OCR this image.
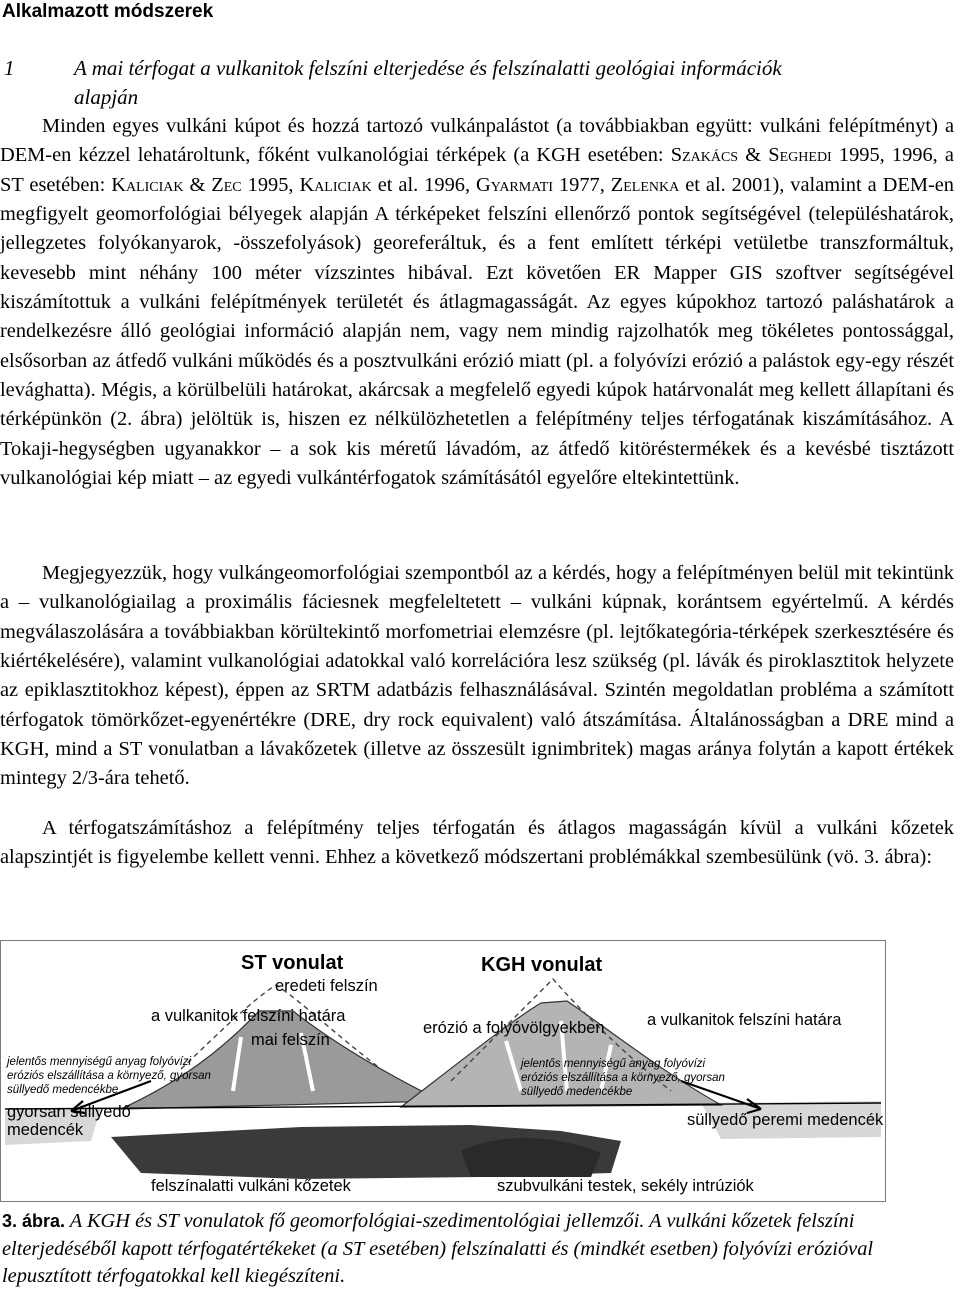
Alkalmazott módszerek
1	A mai térfogat a vulkanitok felszíni elterjedése és felszínalatti geológiai információk
alapján

Minden egyes vulkáni kúpot és hozzá tartozó vulkánpalástot (a továbbiakban együtt: vulkáni felépítményt) a DEM-en kézzel lehatároltunk, főként vulkanológiai térképek (a KGH esetében: Szakács & Seghedi 1995, 1996, a ST esetében: Kaliciak & Zec 1995, Kaliciak et al. 1996, Gyarmati 1977, Zelenka et al. 2001), valamint a DEM-en megfigyelt geomorfológiai bélyegek alapján A térképeket felszíni ellenőrző pontok segítségével (településhatárok, jellegzetes folyókanyarok, -összefolyások) georeferáltuk, és a fent említett térképi vetületbe transzformáltuk, kevesebb mint néhány 100 méter vízszintes hibával. Ezt követően ER Mapper GIS szoftver segítségével kiszámítottuk a vulkáni felépítmények területét és átlagmagasságát. Az egyes kúpokhoz tartozó paláshatárok a rendelkezésre álló geológiai információ alapján nem, vagy nem mindig rajzolhatók meg tökéletes pontossággal, elsősorban az átfedő vulkáni működés és a posztvulkáni erózió miatt (pl. a folyóvízi erózió a palástok egy-egy részét levághatta). Mégis, a körülbelüli határokat, akárcsak a megfelelő egyedi kúpok határvonalát meg kellett állapítani és térképünkön (2. ábra) jelöltük is, hiszen ez nélkülözhetetlen a felépítmény teljes térfogatának kiszámításához. A Tokaji-hegységben ugyanakkor – a sok kis méretű lávadóm, az átfedő kitöréstermékek és a kevésbé tisztázott vulkanológiai kép miatt – az egyedi vulkántérfogatok számításától egyelőre eltekintettünk.

Megjegyezzük, hogy vulkángeomorfológiai szempontból az a kérdés, hogy a felépítményen belül mit tekintünk a – vulkanológiailag a proximális fáciesnek megfeleltetett – vulkáni kúpnak, korántsem egyértelmű. A kérdés megválaszolására a továbbiakban körültekintő morfometriai elemzésre (pl. lejtőkategória-térképek szerkesztésére és kiértékelésére), valamint vulkanológiai adatokkal való korrelációra lesz szükség (pl. lávák és piroklasztitok helyzete az epiklasztitokhoz képest), éppen az SRTM adatbázis felhasználásával. Szintén megoldatlan probléma a számított térfogatok tömörkőzet-egyenértékre (DRE, dry rock equivalent) való átszámítása. Általánosságban a DRE mind a KGH, mind a ST vonulatban a lávakőzetek (illetve az összesült ignimbritek) magas aránya folytán a kapott értékek mintegy 2/3-ára tehető.

A térfogatszámításhoz a felépítmény teljes térfogatán és átlagos magasságán kívül a vulkáni kőzetek alapszintjét is figyelembe kellett venni. Ehhez a következő módszertani problémákkal szembesülünk (vö. 3. ábra):

ST vonulat	KGH vonulat
eredeti felszín
a vulkanitok felszíni határa
mai felszín
erózió a folyóvölgyekben	a vulkanitok felszíni határa
jelentős mennyiségű anyag folyóvízi
eróziós elszállítása a környező, gyorsan
süllyedő medencékbe
jelentős mennyiségű anyag folyóvízi
eróziós elszállítása a környező, gyorsan
süllyedő medencékbe
gyorsan süllyedő
medencék
süllyedő peremi medencék
felszínalatti vulkáni kőzetek	szubvulkáni testek, sekély intrúziók

3. ábra. A KGH és ST vonulatok fő geomorfológiai-szedimentológiai jellemzői. A vulkáni kőzetek felszíni elterjedéséből kapott térfogatértékeket (a ST esetében) felszínalatti és (mindkét esetben) folyóvízi erózióval lepusztított térfogatokkal kell kiegészíteni.
